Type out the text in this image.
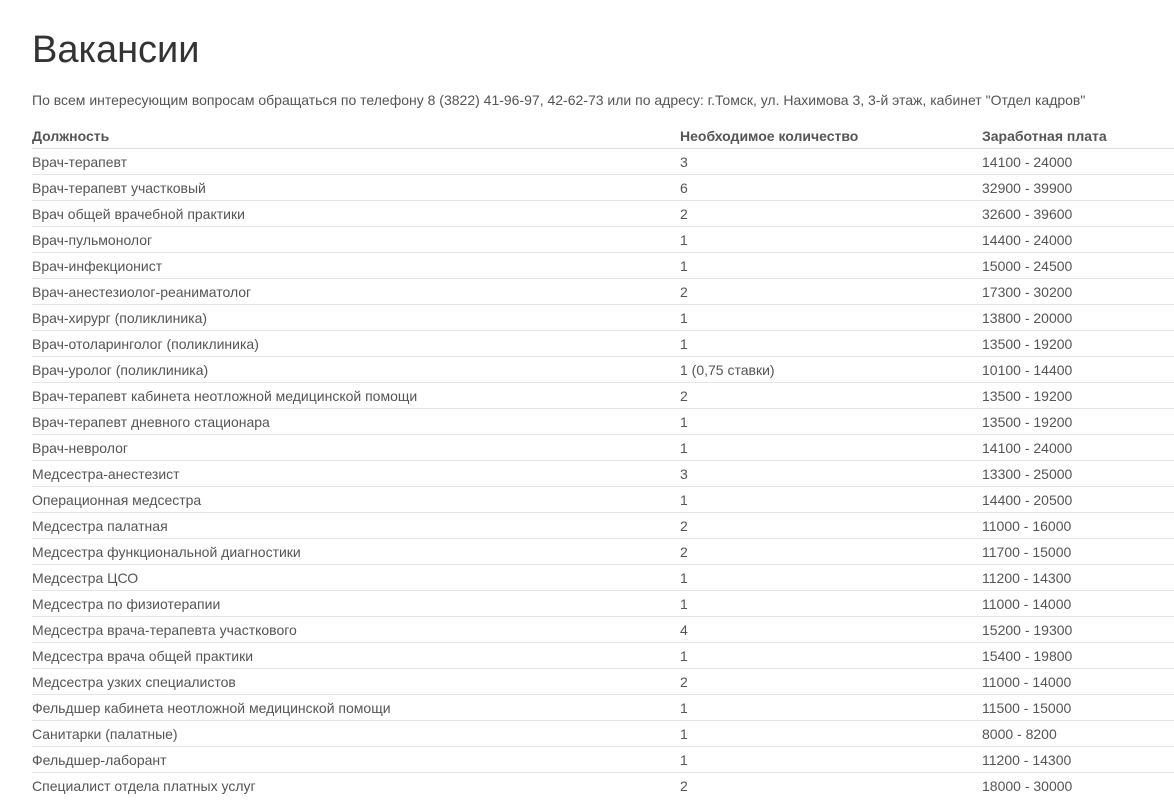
Вакансии

По всем интересующим вопросам обращаться по телефону 8 (3822) 41-96-97, 42-62-73 или по адресу: г.Томск, ул. Нахимова 3, 3-й этаж, кабинет "Отдел кадров"

Должность	Необходимое количество	Заработная плата
Врач-терапевт	3	14100 - 24000
Врач-терапевт участковый	6	32900 - 39900
Врач общей врачебной практики	2	32600 - 39600
Врач-пульмонолог	1	14400 - 24000
Врач-инфекционист	1	15000 - 24500
Врач-анестезиолог-реаниматолог	2	17300 - 30200
Врач-хирург (поликлиника)	1	13800 - 20000
Врач-отоларинголог (поликлиника)	1	13500 - 19200
Врач-уролог (поликлиника)	1 (0,75 ставки)	10100 - 14400
Врач-терапевт кабинета неотложной медицинской помощи	2	13500 - 19200
Врач-терапевт дневного стационара	1	13500 - 19200
Врач-невролог	1	14100 - 24000
Медсестра-анестезист	3	13300 - 25000
Операционная медсестра	1	14400 - 20500
Медсестра палатная	2	11000 - 16000
Медсестра функциональной диагностики	2	11700 - 15000
Медсестра ЦСО	1	11200 - 14300
Медсестра по физиотерапии	1	11000 - 14000
Медсестра врача-терапевта участкового	4	15200 - 19300
Медсестра врача общей практики	1	15400 - 19800
Медсестра узких специалистов	2	11000 - 14000
Фельдшер кабинета неотложной медицинской помощи	1	11500 - 15000
Санитарки (палатные)	1	8000 - 8200
Фельдшер-лаборант	1	11200 - 14300
Специалист отдела платных услуг	2	18000 - 30000
